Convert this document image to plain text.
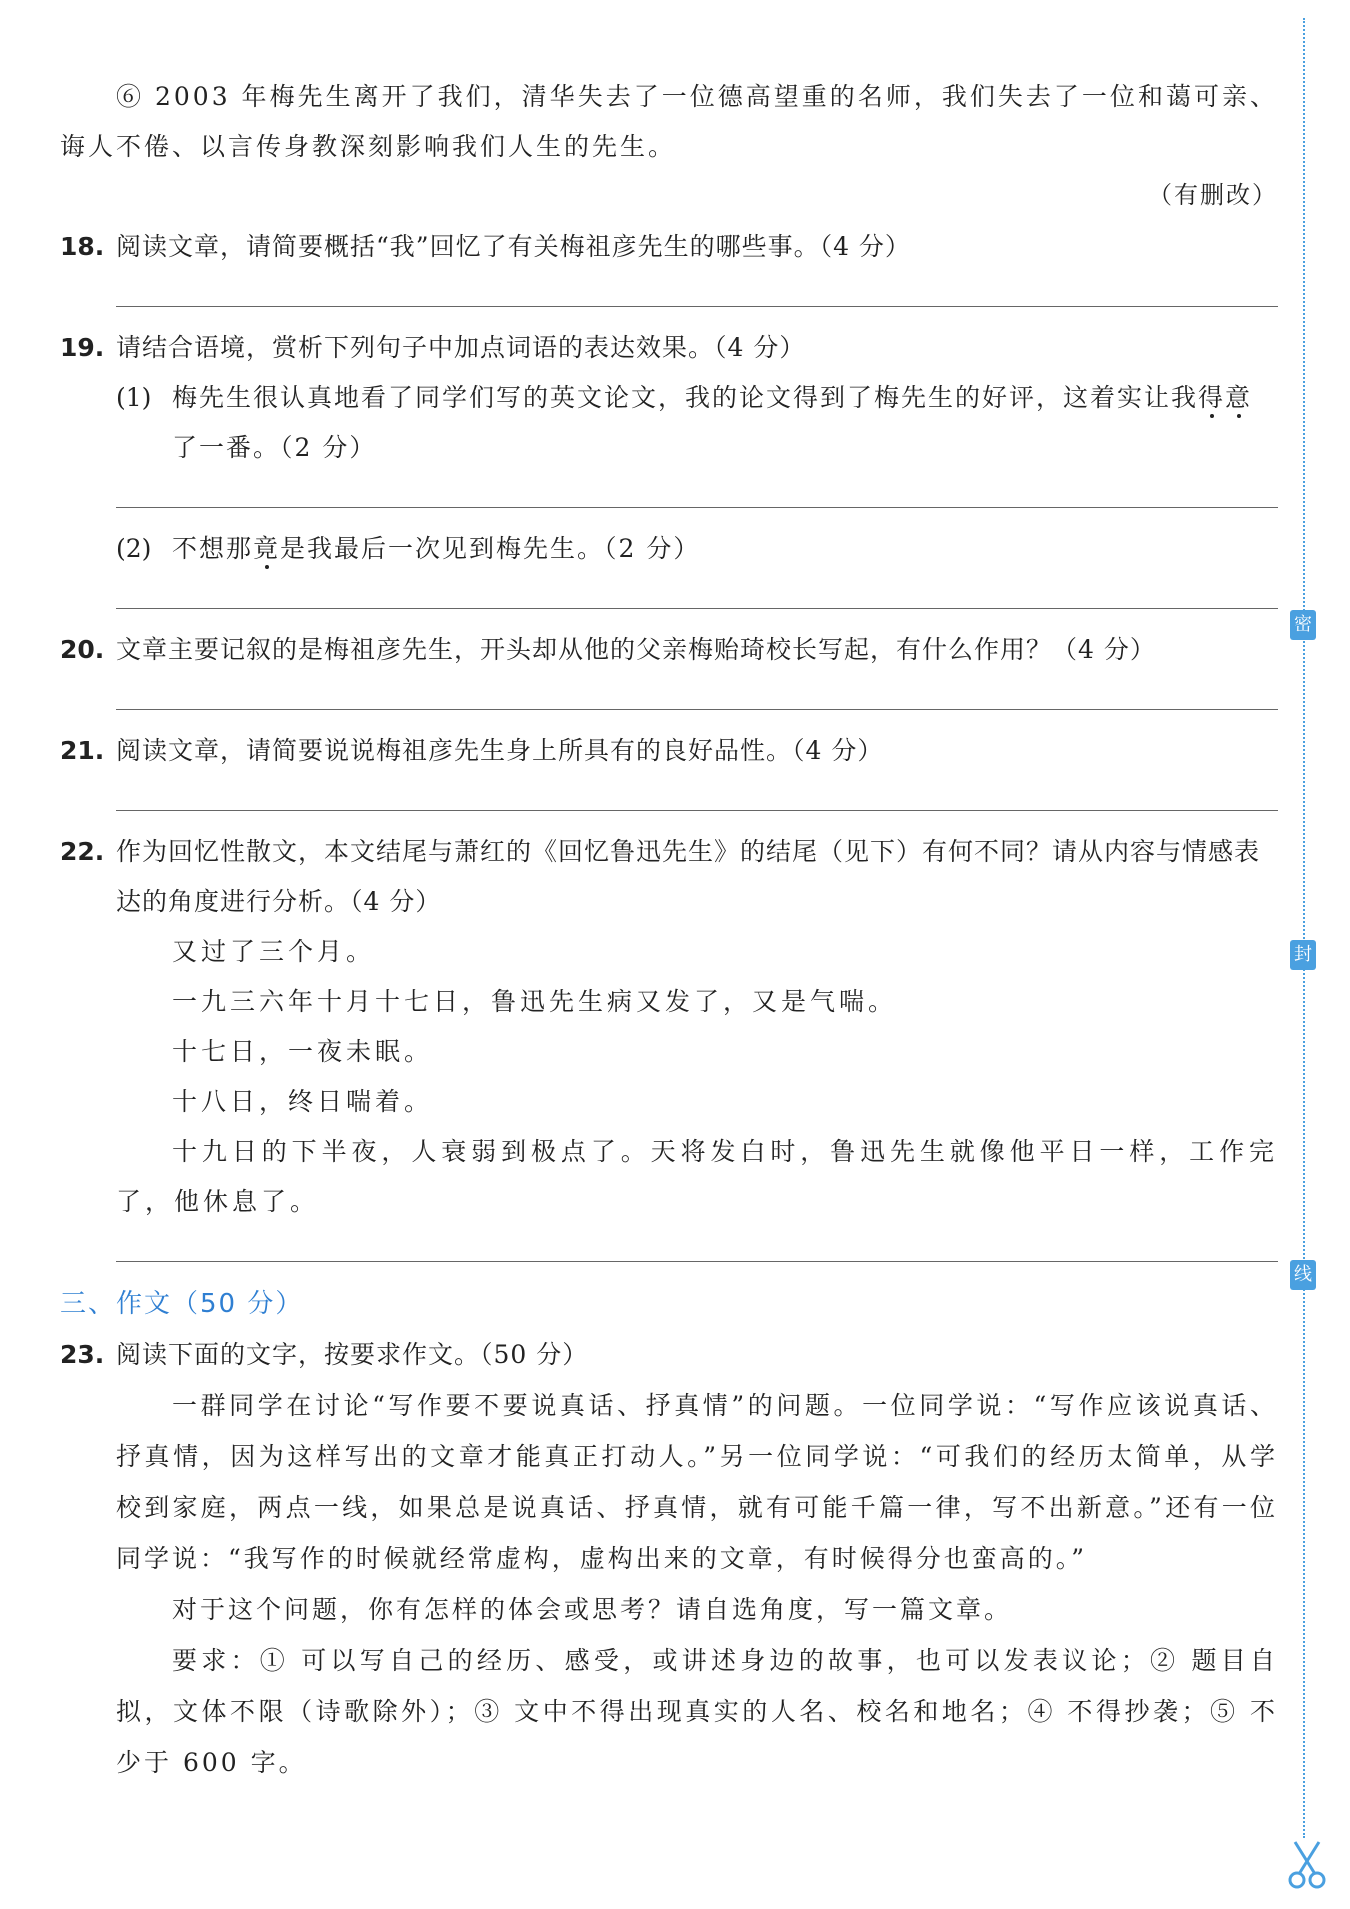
密
封
线

⑥ 2003 年梅先生离开了我们，清华失去了一位德高望重的名师，我们失去了一位和蔼可亲、诲人不倦、以言传身教深刻影响我们人生的先生。

（有删改）

18. 阅读文章，请简要概括“我”回忆了有关梅祖彦先生的哪些事。（4 分）
19. 请结合语境，赏析下列句子中加点词语的表达效果。（4 分）
(1) 梅先生很认真地看了同学们写的英文论文，我的论文得到了梅先生的好评，这着实让我得意了一番。（2 分）
(2) 不想那竟是我最后一次见到梅先生。（2 分）
20. 文章主要记叙的是梅祖彦先生，开头却从他的父亲梅贻琦校长写起，有什么作用？（4 分）
21. 阅读文章，请简要说说梅祖彦先生身上所具有的良好品性。（4 分）
22. 作为回忆性散文，本文结尾与萧红的《回忆鲁迅先生》的结尾（见下）有何不同？请从内容与情感表达的角度进行分析。（4 分）

又过了三个月。

一九三六年十月十七日，鲁迅先生病又发了，又是气喘。

十七日，一夜未眠。

十八日，终日喘着。

十九日的下半夜，人衰弱到极点了。天将发白时，鲁迅先生就像他平日一样，工作完了，他休息了。

三、作文（50 分）
23. 阅读下面的文字，按要求作文。（50 分）

一群同学在讨论“写作要不要说真话、抒真情”的问题。一位同学说：“写作应该说真话、抒真情，因为这样写出的文章才能真正打动人。”另一位同学说：“可我们的经历太简单，从学校到家庭，两点一线，如果总是说真话、抒真情，就有可能千篇一律，写不出新意。”还有一位同学说：“我写作的时候就经常虚构，虚构出来的文章，有时候得分也蛮高的。”

对于这个问题，你有怎样的体会或思考？请自选角度，写一篇文章。

要求：① 可以写自己的经历、感受，或讲述身边的故事，也可以发表议论；② 题目自拟，文体不限（诗歌除外）；③ 文中不得出现真实的人名、校名和地名；④ 不得抄袭；⑤ 不少于 600 字。
